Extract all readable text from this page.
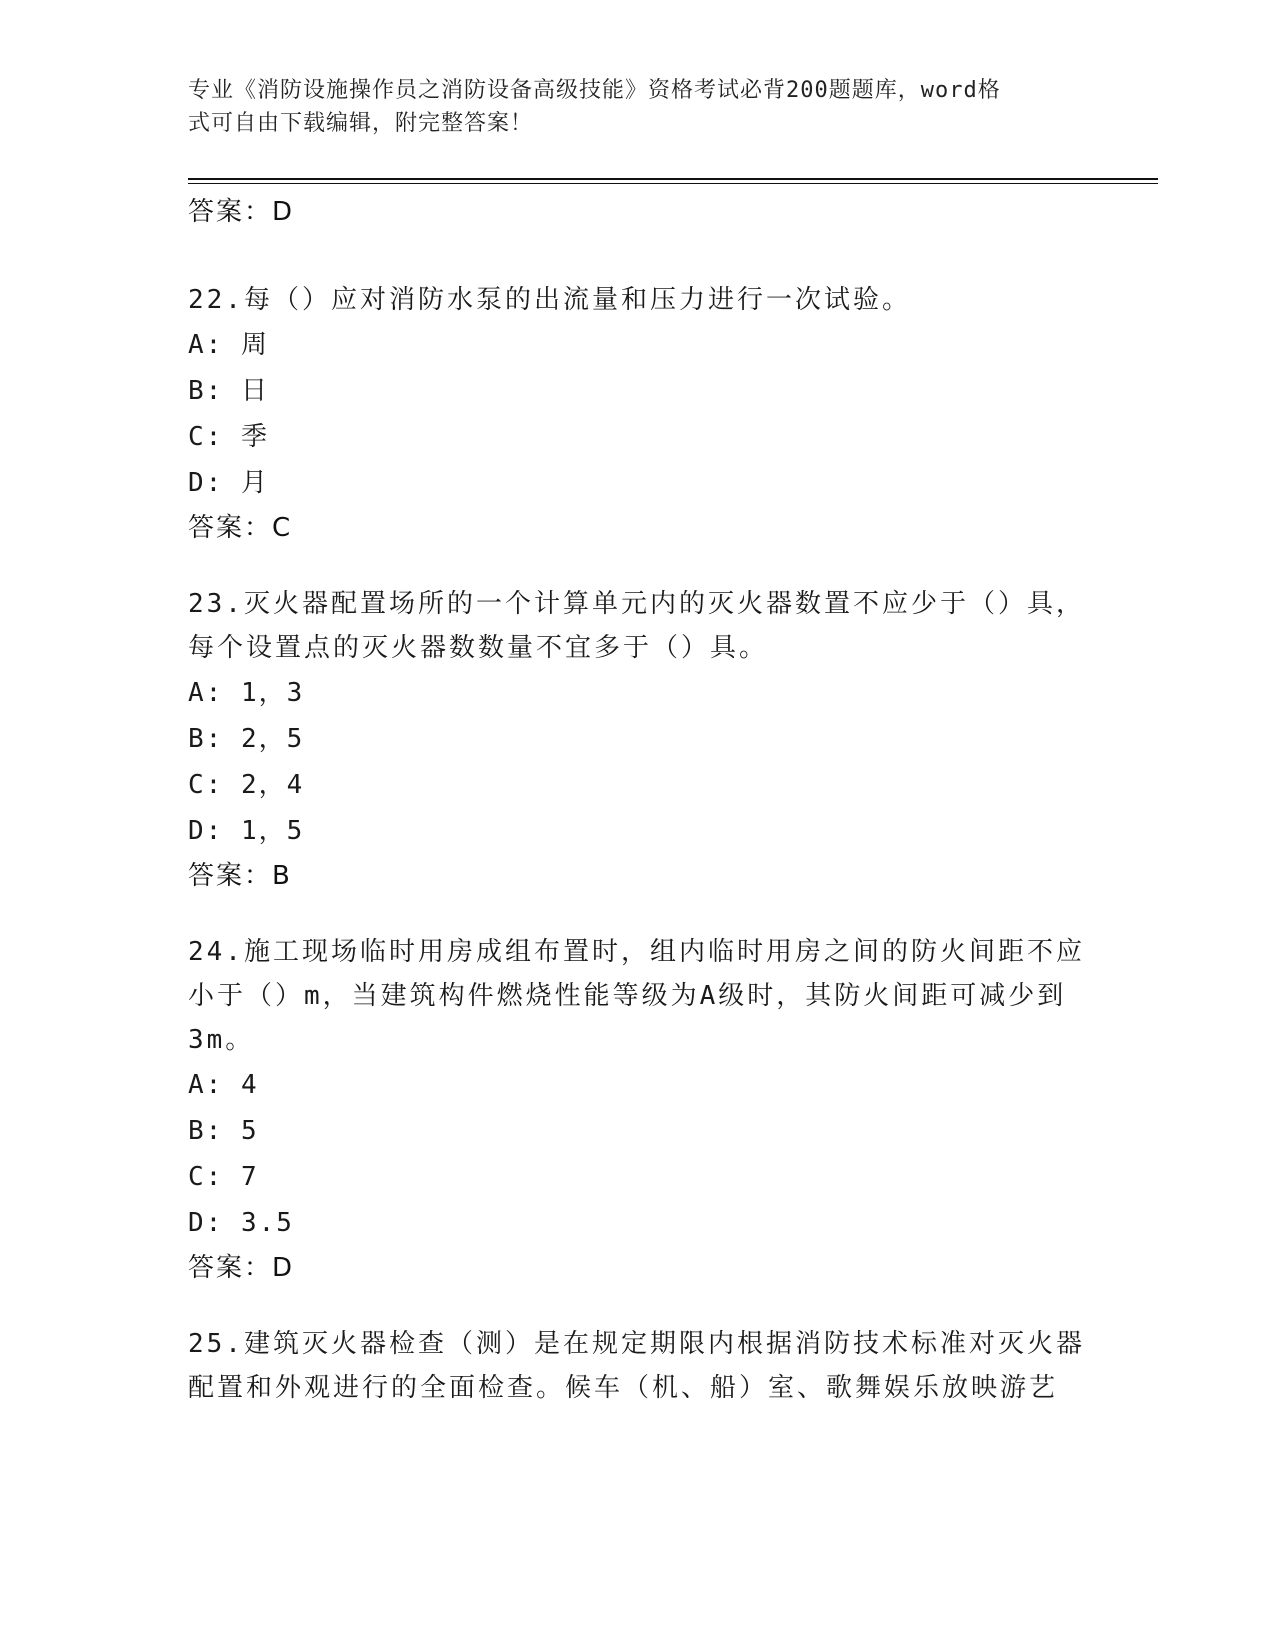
专业《消防设施操作员之消防设备高级技能》资格考试必背200题题库，word格
式可自由下载编辑，附完整答案！
答案：D
22.每（）应对消防水泵的出流量和压力进行一次试验。
A: 周
B: 日
C: 季
D: 月
答案：C
23.灭火器配置场所的一个计算单元内的灭火器数置不应少于（）具，每个设置点的灭火器数数量不宜多于（）具。
A: 1，3
B: 2，5
C: 2，4
D: 1，5
答案：B
24.施工现场临时用房成组布置时，组内临时用房之间的防火间距不应小于（）m，当建筑构件燃烧性能等级为A级时，其防火间距可减少到3m。
A: 4
B: 5
C: 7
D: 3.5
答案：D
25.建筑灭火器检查（测）是在规定期限内根据消防技术标准对灭火器配置和外观进行的全面检查。候车（机、船）室、歌舞娱乐放映游艺
